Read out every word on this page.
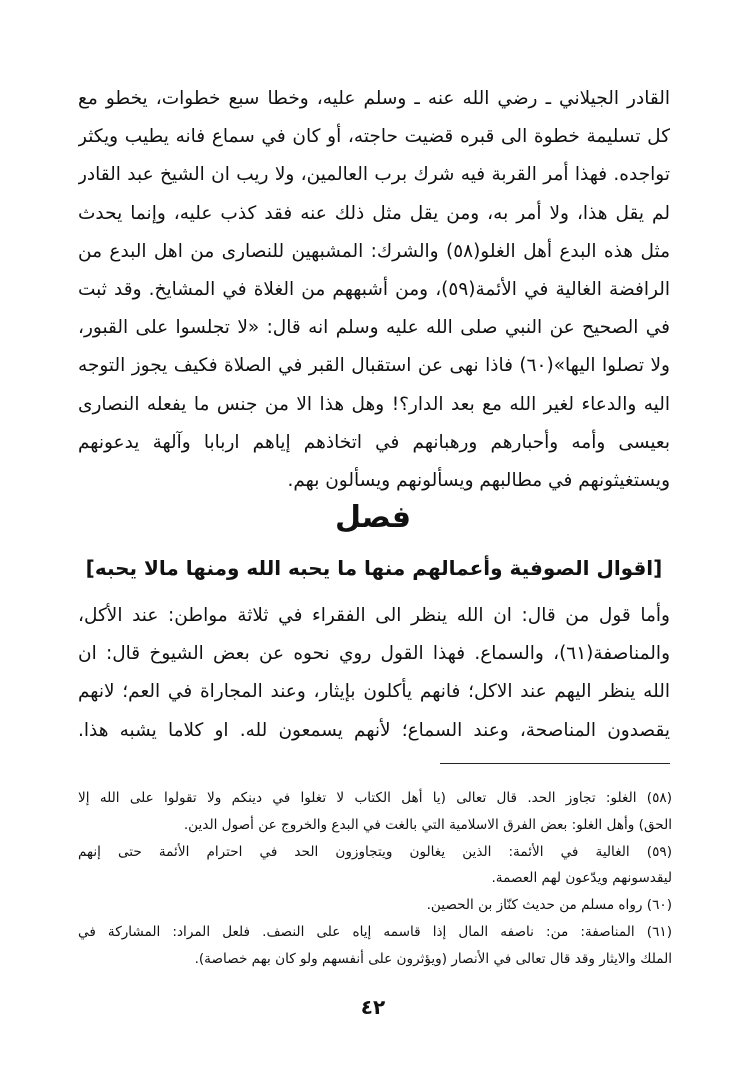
القادر الجيلاني ـ رضي الله عنه ـ وسلم عليه، وخطا سبع خطوات، يخطو مع
كل تسليمة خطوة الى قبره قضيت حاجته، أو كان في سماع فانه يطيب ويكثر
تواجده. فهذا أمر القربة فيه شرك برب العالمين، ولا ريب ان الشيخ عبد القادر
لم يقل هذا، ولا أمر به، ومن يقل مثل ذلك عنه فقد كذب عليه، وإنما يحدث
مثل هذه البدع أهل الغلو(٥٨) والشرك: المشبهين للنصارى من اهل البدع من
الرافضة الغالية في الأئمة(٥٩)، ومن أشبههم من الغلاة في المشايخ. وقد ثبت
في الصحيح عن النبي صلى الله عليه وسلم انه قال: «لا تجلسوا على القبور،
ولا تصلوا اليها»(٦٠) فاذا نهى عن استقبال القبر في الصلاة فكيف يجوز التوجه
اليه والدعاء لغير الله مع بعد الدار؟! وهل هذا الا من جنس ما يفعله النصارى
بعيسى وأمه وأحبارهم ورهبانهم في اتخاذهم إياهم اربابا وآلهة يدعونهم
ويستغيثونهم في مطالبهم ويسألونهم ويسألون بهم.
فصل
[اقوال الصوفية وأعمالهم منها ما يحبه الله ومنها مالا يحبه]
وأما قول من قال: ان الله ينظر الى الفقراء في ثلاثة مواطن: عند الأكل،
والمناصفة(٦١)، والسماع. فهذا القول روي نحوه عن بعض الشيوخ قال: ان
الله ينظر اليهم عند الاكل؛ فانهم يأكلون بإيثار، وعند المجاراة في العم؛ لانهم
يقصدون المناصحة، وعند السماع؛ لأنهم يسمعون لله. او كلاما يشبه هذا.
(٥٨) الغلو: تجاوز الحد. قال تعالى (يا أهل الكتاب لا تغلوا في دينكم ولا تقولوا على الله إلا
الحق) وأهل الغلو: بعض الفرق الاسلامية التي بالغت في البدع والخروج عن أصول الدين.
(٥٩) الغالية في الأئمة: الذين يغالون ويتجاوزون الحد في احترام الأئمة حتى إنهم
ليقدسونهم ويدّعون لهم العصمة.
(٦٠) رواه مسلم من حديث كنّاز بن الحصين.
(٦١) المناصفة: من: ناصفه المال إذا قاسمه إياه على النصف. فلعل المراد: المشاركة في
الملك والايثار وقد قال تعالى في الأنصار (ويؤثرون على أنفسهم ولو كان بهم خصاصة).
٤٢
